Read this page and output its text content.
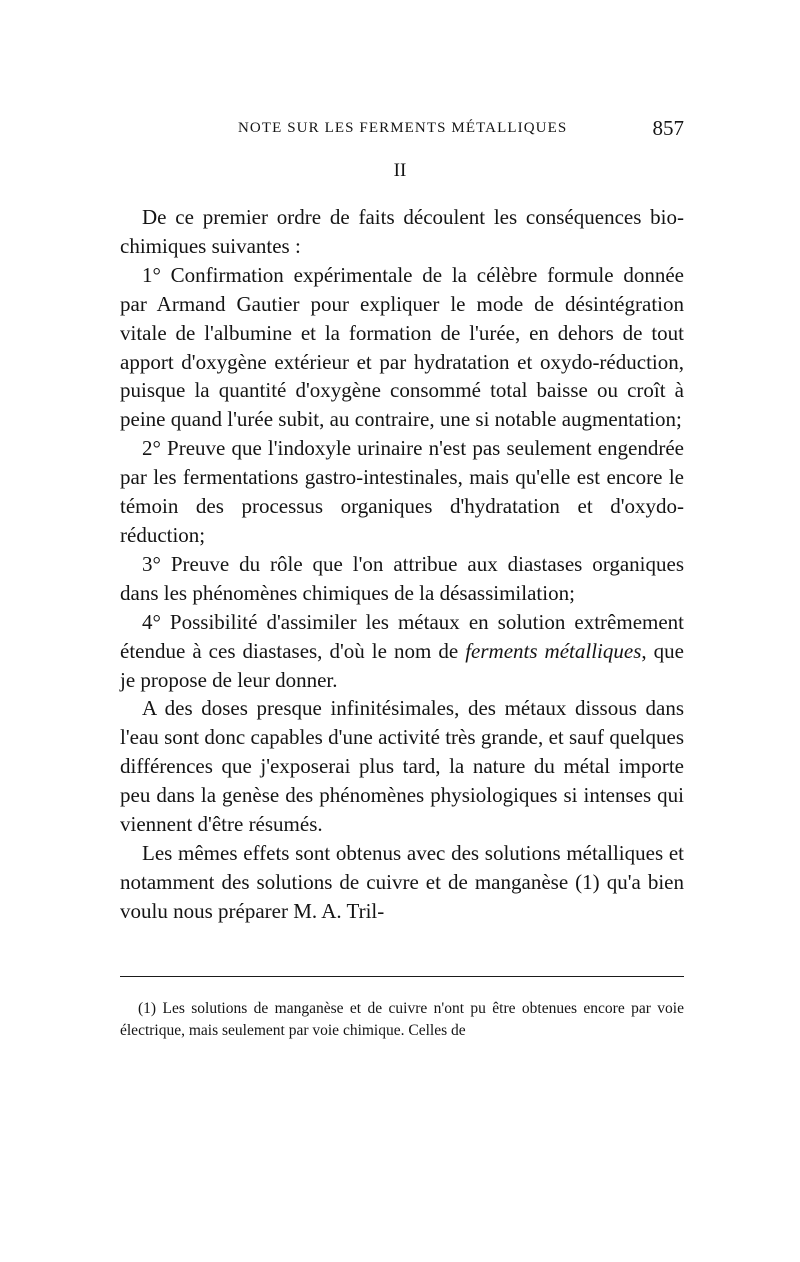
NOTE SUR LES FERMENTS MÉTALLIQUES	857
II

De ce premier ordre de faits découlent les conséquences bio-chimiques suivantes :

1° Confirmation expérimentale de la célèbre formule donnée par Armand Gautier pour expliquer le mode de désintégration vitale de l'albumine et la formation de l'urée, en dehors de tout apport d'oxygène extérieur et par hydratation et oxydo-réduction, puisque la quantité d'oxygène consommé total baisse ou croît à peine quand l'urée subit, au contraire, une si notable augmentation;

2° Preuve que l'indoxyle urinaire n'est pas seulement engendrée par les fermentations gastro-intestinales, mais qu'elle est encore le témoin des processus organiques d'hydratation et d'oxydo-réduction;

3° Preuve du rôle que l'on attribue aux diastases organiques dans les phénomènes chimiques de la désassimilation;

4° Possibilité d'assimiler les métaux en solution extrêmement étendue à ces diastases, d'où le nom de ferments métalliques, que je propose de leur donner.

A des doses presque infinitésimales, des métaux dissous dans l'eau sont donc capables d'une activité très grande, et sauf quelques différences que j'exposerai plus tard, la nature du métal importe peu dans la genèse des phénomènes physiologiques si intenses qui viennent d'être résumés.

Les mêmes effets sont obtenus avec des solutions métalliques et notamment des solutions de cuivre et de manganèse (1) qu'a bien voulu nous préparer M. A. Tril-

(1) Les solutions de manganèse et de cuivre n'ont pu être obtenues encore par voie électrique, mais seulement par voie chimique. Celles de
